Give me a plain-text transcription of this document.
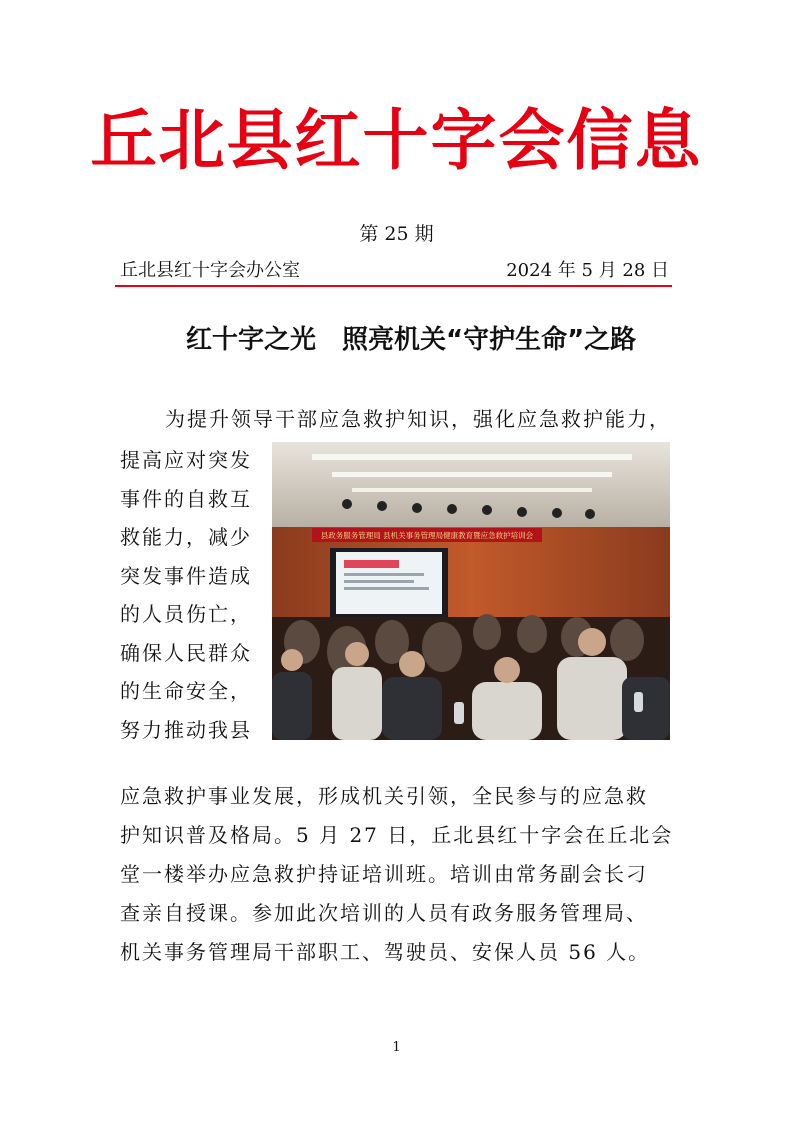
丘北县红十字会信息
第 25 期
丘北县红十字会办公室	2024 年 5 月 28 日
红十字之光　照亮机关“守护生命”之路
为提升领导干部应急救护知识，强化应急救护能力，
提高应对突发
事件的自救互
救能力，减少
突发事件造成
的人员伤亡，
确保人民群众
的生命安全，
努力推动我县
县政务服务管理局 县机关事务管理局健康教育暨应急救护培训会
应急救护事业发展，形成机关引领，全民参与的应急救
护知识普及格局。5 月 27 日，丘北县红十字会在丘北会
堂一楼举办应急救护持证培训班。培训由常务副会长刁
查亲自授课。参加此次培训的人员有政务服务管理局、
机关事务管理局干部职工、驾驶员、安保人员 56 人。
1
